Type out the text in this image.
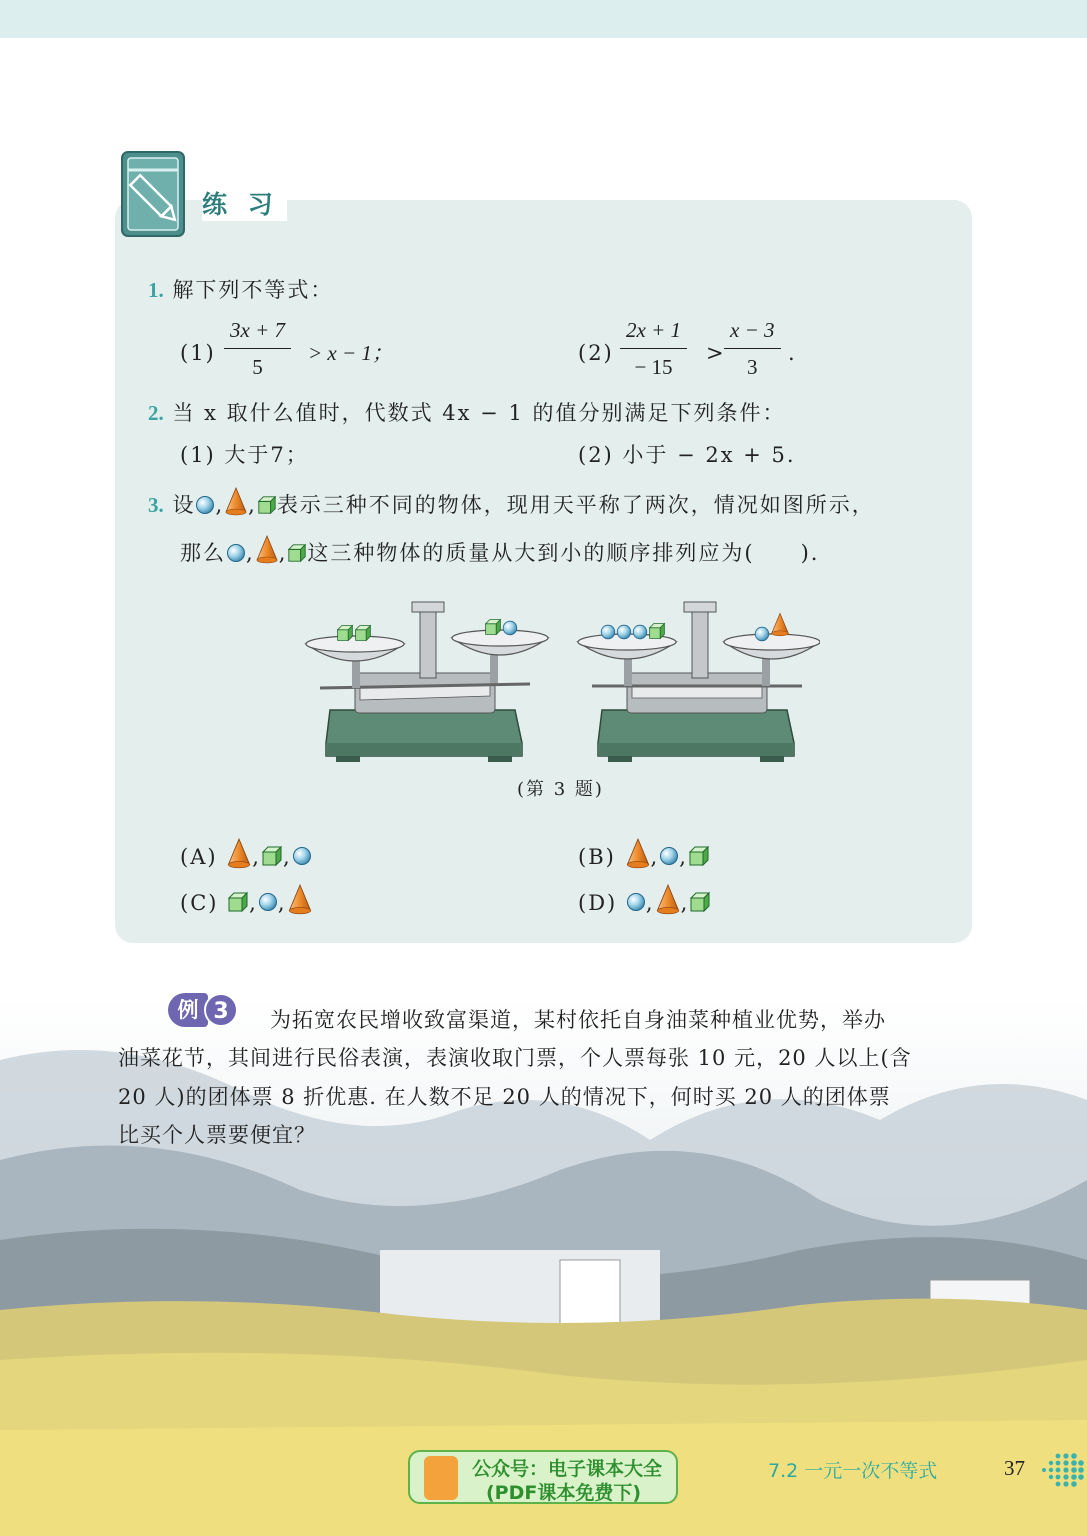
练 习
1. 解下列不等式：
$(1) \frac{3x + 7}{5} > x - 1$；	$(2) \frac{2x + 1}{- 15}$ >
$\frac{x - 3}{3}$ .
2. 当 x 取什么值时，代数式 4x − 1 的值分别满足下列条件：
(1) 大于7；	(2) 小于 − 2x + 5.
3. 设 , , 表示三种不同的物体，现用天平称了两次，情况如图所示，
那么 , , 这三种物体的质量从大到小的顺序排列应为(　　).
(第 3 题)
(A) , ,	(B) , ,
(C) , ,	(D) , ,
例 3	为拓宽农民增收致富渠道，某村依托自身油菜种植业优势，举办
油菜花节，其间进行民俗表演，表演收取门票，个人票每张 10 元，20 人以上(含
20 人)的团体票 8 折优惠. 在人数不足 20 人的情况下，何时买 20 人的团体票
比买个人票要便宜？
公众号：电子课本大全
(PDF课本免费下)
7.2 一元一次不等式	37
